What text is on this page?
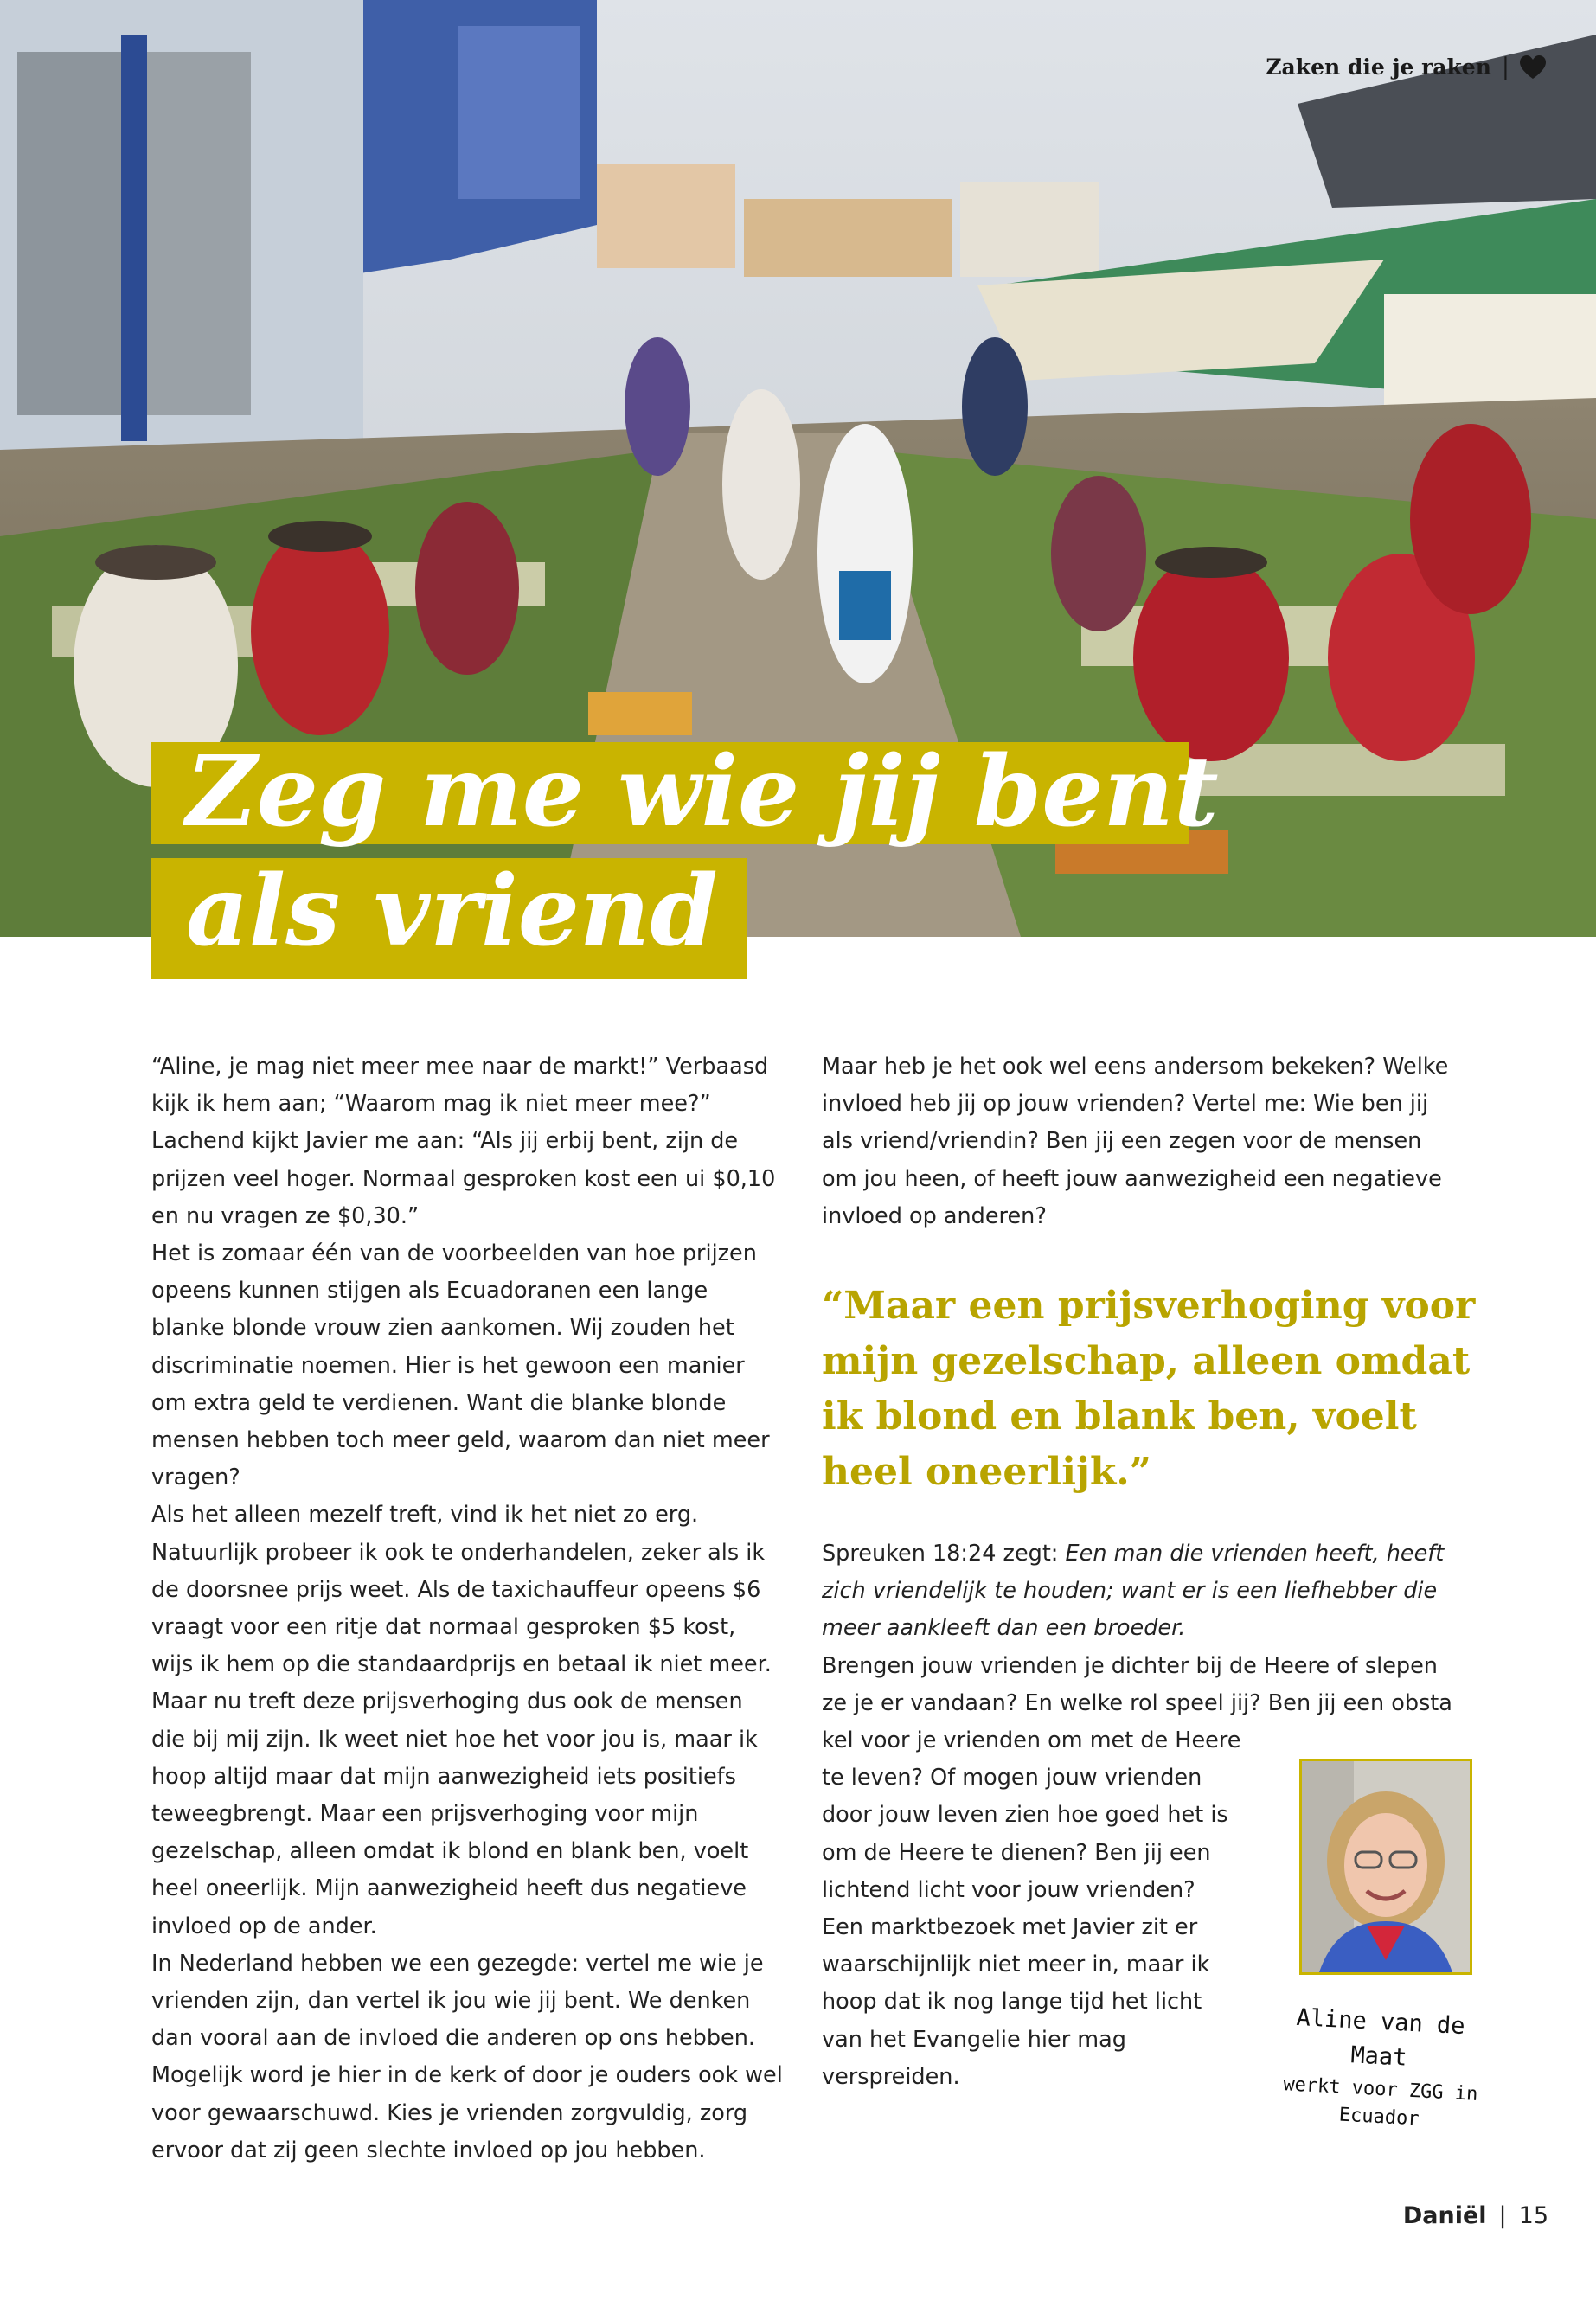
Zaken die je raken |
Zeg me wie jij bent
als vriend

“Aline, je mag niet meer mee naar de markt!” Verbaasd kijk ik hem aan; “Waarom mag ik niet meer mee?” Lachend kijkt Javier me aan: “Als jij erbij bent, zijn de prijzen veel hoger. Normaal gesproken kost een ui $0,10 en nu vragen ze $0,30.”

Het is zomaar één van de voorbeelden van hoe prijzen opeens kunnen stijgen als Ecuadoranen een lange blanke blonde vrouw zien aankomen. Wij zouden het discriminatie noemen. Hier is het gewoon een manier om extra geld te verdienen. Want die blanke blonde mensen hebben toch meer geld, waarom dan niet meer vragen?

Als het alleen mezelf treft, vind ik het niet zo erg. Natuurlijk probeer ik ook te onderhandelen, zeker als ik de doorsnee prijs weet. Als de taxichauffeur opeens $6 vraagt voor een ritje dat normaal gesproken $5 kost, wijs ik hem op die standaardprijs en betaal ik niet meer.

Maar nu treft deze prijsverhoging dus ook de mensen die bij mij zijn. Ik weet niet hoe het voor jou is, maar ik hoop altijd maar dat mijn aanwezigheid iets positiefs teweegbrengt. Maar een prijsverhoging voor mijn gezelschap, alleen omdat ik blond en blank ben, voelt heel oneerlijk. Mijn aanwezigheid heeft dus negatieve invloed op de ander.

In Nederland hebben we een gezegde: vertel me wie je vrienden zijn, dan vertel ik jou wie jij bent. We denken dan vooral aan de invloed die anderen op ons hebben. Mogelijk word je hier in de kerk of door je ouders ook wel voor gewaarschuwd. Kies je vrienden zorgvuldig, zorg ervoor dat zij geen slechte invloed op jou hebben.

Maar heb je het ook wel eens andersom bekeken? Welke invloed heb jij op jouw vrienden? Vertel me: Wie ben jij als vriend/vriendin? Ben jij een zegen voor de mensen om jou heen, of heeft jouw aanwezigheid een negatieve invloed op anderen?

“Maar een prijsverhoging voor mijn gezelschap, alleen omdat ik blond en blank ben, voelt heel oneerlijk.”

Spreuken 18:24 zegt: Een man die vrienden heeft, heeft zich vriendelijk te houden; want er is een liefhebber die meer aankleeft dan een broeder.

Brengen jouw vrienden je dichter bij de Heere of slepen ze je er vandaan? En welke rol speel jij? Ben jij een obsta

kel voor je vrienden om met de Heere te leven? Of mogen jouw vrienden door jouw leven zien hoe goed het is om de Heere te dienen? Ben jij een lichtend licht voor jouw vrienden?

Een marktbezoek met Javier zit er waarschijnlijk niet meer in, maar ik hoop dat ik nog lange tijd het licht van het Evangelie hier mag verspreiden.

Aline van de Maat
werkt voor ZGG in Ecuador
Daniël | 15
